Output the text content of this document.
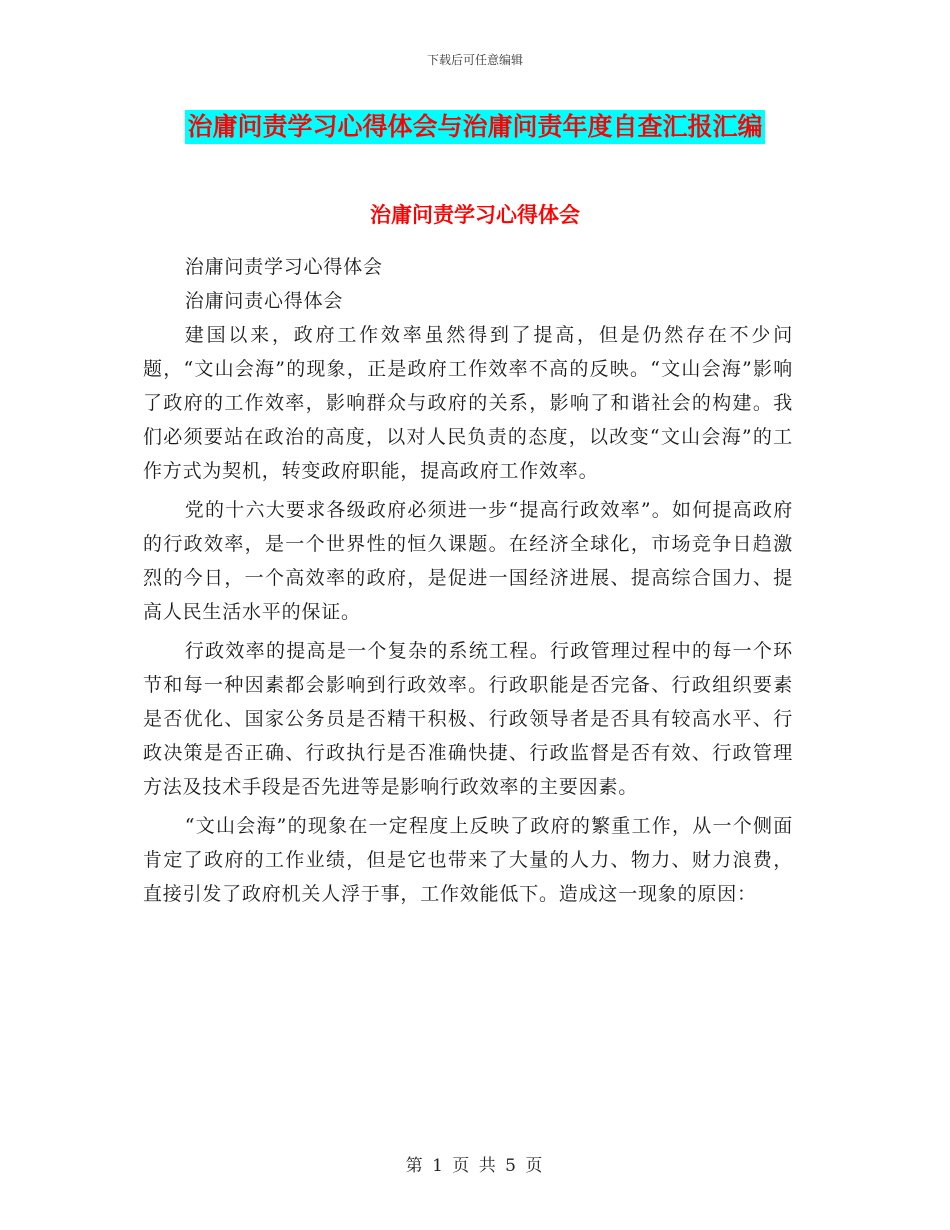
下载后可任意编辑
治庸问责学习心得体会与治庸问责年度自查汇报汇编
治庸问责学习心得体会

治庸问责学习心得体会

治庸问责心得体会

建国以来，政府工作效率虽然得到了提高，但是仍然存在不少问题，“文山会海”的现象，正是政府工作效率不高的反映。“文山会海”影响了政府的工作效率，影响群众与政府的关系，影响了和谐社会的构建。我们必须要站在政治的高度，以对人民负责的态度，以改变“文山会海”的工作方式为契机，转变政府职能，提高政府工作效率。

党的十六大要求各级政府必须进一步“提高行政效率”。如何提高政府的行政效率，是一个世界性的恒久课题。在经济全球化，市场竞争日趋激烈的今日，一个高效率的政府，是促进一国经济进展、提高综合国力、提高人民生活水平的保证。

行政效率的提高是一个复杂的系统工程。行政管理过程中的每一个环节和每一种因素都会影响到行政效率。行政职能是否完备、行政组织要素是否优化、国家公务员是否精干积极、行政领导者是否具有较高水平、行政决策是否正确、行政执行是否准确快捷、行政监督是否有效、行政管理方法及技术手段是否先进等是影响行政效率的主要因素。

“文山会海”的现象在一定程度上反映了政府的繁重工作，从一个侧面肯定了政府的工作业绩，但是它也带来了大量的人力、物力、财力浪费，直接引发了政府机关人浮于事，工作效能低下。造成这一现象的原因：

第 1 页 共 5 页
